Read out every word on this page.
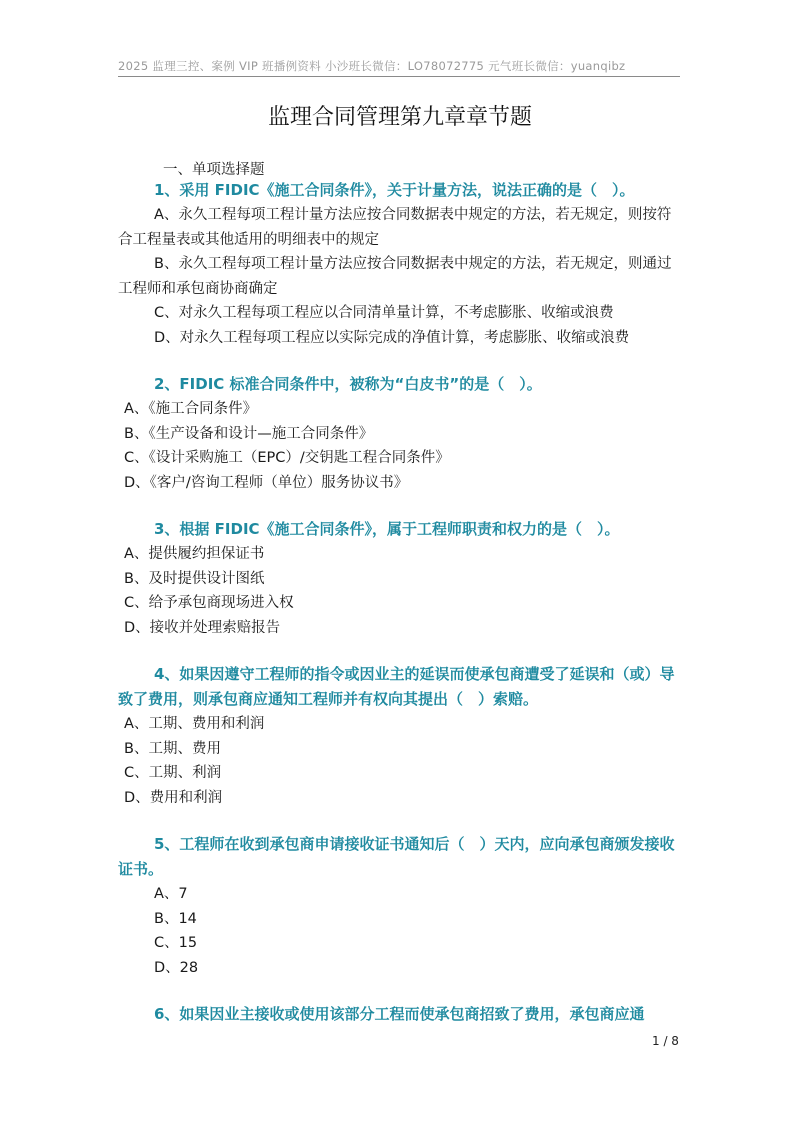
2025 监理三控、案例 VIP 班播例资料 小沙班长微信：LO78072775 元气班长微信：yuanqibz
监理合同管理第九章章节题
一、单项选择题

1、采用 FIDIC《施工合同条件》，关于计量方法，说法正确的是（　）。

A、永久工程每项工程计量方法应按合同数据表中规定的方法，若无规定，则按符合工程量表或其他适用的明细表中的规定

B、永久工程每项工程计量方法应按合同数据表中规定的方法，若无规定，则通过工程师和承包商协商确定

C、对永久工程每项工程应以合同清单量计算，不考虑膨胀、收缩或浪费

D、对永久工程每项工程应以实际完成的净值计算，考虑膨胀、收缩或浪费

2、FIDIC 标准合同条件中，被称为“白皮书”的是（　）。

A、《施工合同条件》

B、《生产设备和设计—施工合同条件》

C、《设计采购施工（EPC）/交钥匙工程合同条件》

D、《客户/咨询工程师（单位）服务协议书》

3、根据 FIDIC《施工合同条件》，属于工程师职责和权力的是（　）。

A、提供履约担保证书

B、及时提供设计图纸

C、给予承包商现场进入权

D、接收并处理索赔报告

4、如果因遵守工程师的指令或因业主的延误而使承包商遭受了延误和（或）导致了费用，则承包商应通知工程师并有权向其提出（　）索赔。

A、工期、费用和利润

B、工期、费用

C、工期、利润

D、费用和利润

5、工程师在收到承包商申请接收证书通知后（　）天内，应向承包商颁发接收证书。

A、7

B、14

C、15

D、28

6、如果因业主接收或使用该部分工程而使承包商招致了费用，承包商应通

1 / 8
